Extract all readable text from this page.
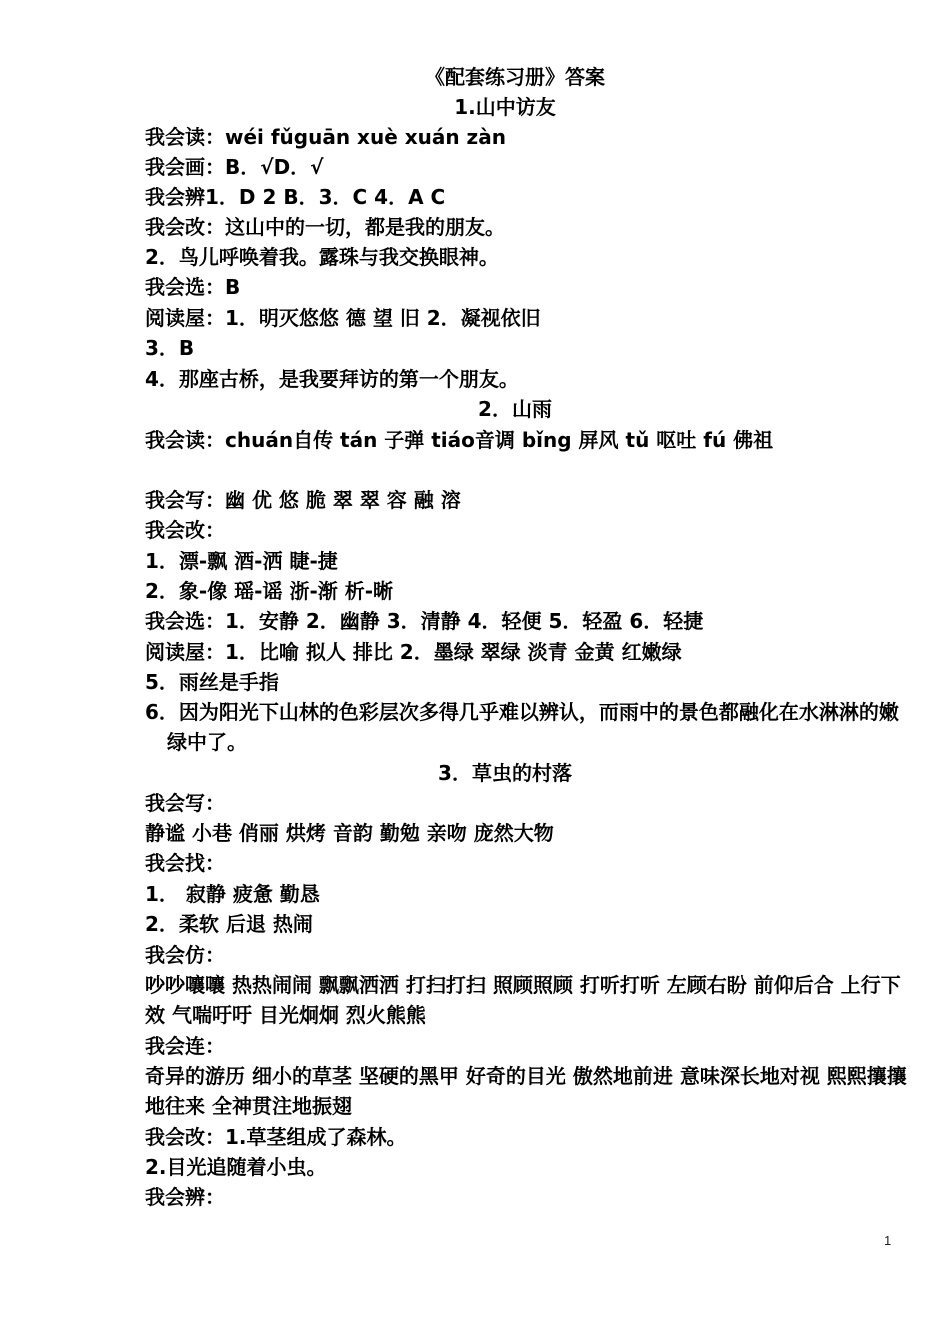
《配套练习册》答案
1.山中访友
我会读：wéi fǔguān xuè xuán zàn
我会画：B．√D．√
我会辨1．D 2 B．3．C 4．A C
我会改：这山中的一切，都是我的朋友。
2．鸟儿呼唤着我。露珠与我交换眼神。
我会选：B
阅读屋：1．明灭悠悠 德 望 旧 2．凝视依旧
3．B
4．那座古桥，是我要拜访的第一个朋友。
2．山雨
我会读：chuán自传 tán 子弹 tiáo音调 bǐng 屏风 tǔ 呕吐 fú 佛祖
我会写：幽 优 悠 脆 翠 翠 容 融 溶
我会改：
1．漂-飘 酒-洒 睫-捷
2．象-像 瑶-谣 浙-渐 析-晰
我会选：1．安静 2．幽静 3．清静 4．轻便 5．轻盈 6．轻捷
阅读屋：1．比喻 拟人 排比 2．墨绿 翠绿 淡青 金黄 红嫩绿
5．雨丝是手指
6．因为阳光下山林的色彩层次多得几乎难以辨认，而雨中的景色都融化在水淋淋的嫩绿中了。
3．草虫的村落
我会写：
静谧 小巷 俏丽 烘烤 音韵 勤勉 亲吻 庞然大物
我会找：
1． 寂静 疲惫 勤恳
2．柔软 后退 热闹
我会仿：
吵吵嚷嚷 热热闹闹 飘飘洒洒 打扫打扫 照顾照顾 打听打听 左顾右盼 前仰后合 上行下效 气喘吁吁 目光炯炯 烈火熊熊
我会连：
奇异的游历 细小的草茎 坚硬的黑甲 好奇的目光 傲然地前进 意味深长地对视 熙熙攘攘地往来 全神贯注地振翅
我会改：1.草茎组成了森林。
2.目光追随着小虫。
我会辨：
1
